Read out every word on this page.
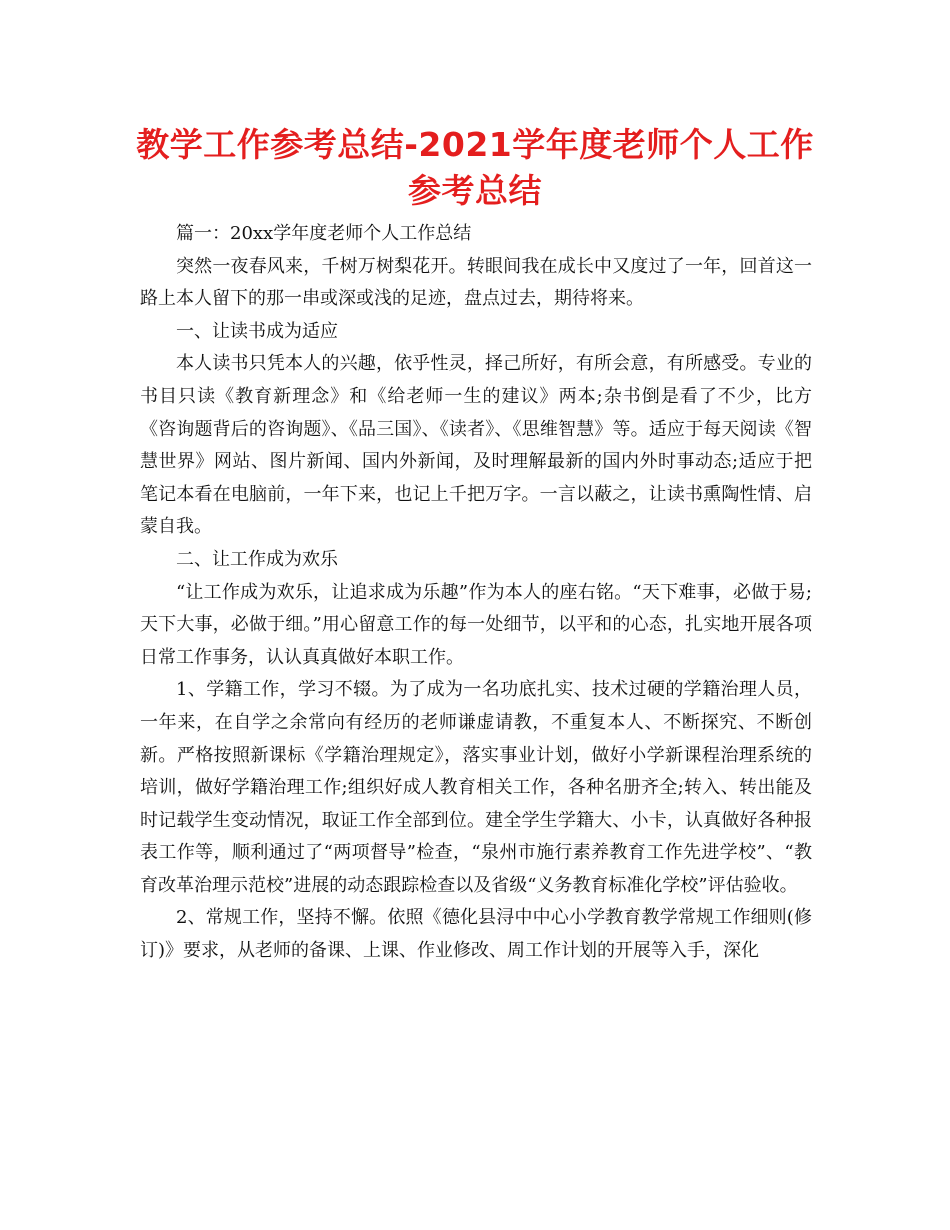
教学工作参考总结-2021学年度老师个人工作参考总结

篇一：20xx学年度老师个人工作总结

突然一夜春风来，千树万树梨花开。转眼间我在成长中又度过了一年，回首这一路上本人留下的那一串或深或浅的足迹，盘点过去，期待将来。

一、让读书成为适应

本人读书只凭本人的兴趣，依乎性灵，择己所好，有所会意，有所感受。专业的书目只读《教育新理念》和《给老师一生的建议》两本;杂书倒是看了不少，比方《咨询题背后的咨询题》、《品三国》、《读者》、《思维智慧》等。适应于每天阅读《智慧世界》网站、图片新闻、国内外新闻，及时理解最新的国内外时事动态;适应于把笔记本看在电脑前，一年下来，也记上千把万字。一言以蔽之，让读书熏陶性情、启蒙自我。

二、让工作成为欢乐

“让工作成为欢乐，让追求成为乐趣”作为本人的座右铭。“天下难事，必做于易;天下大事，必做于细。”用心留意工作的每一处细节，以平和的心态，扎实地开展各项日常工作事务，认认真真做好本职工作。

1、学籍工作，学习不辍。为了成为一名功底扎实、技术过硬的学籍治理人员，一年来，在自学之余常向有经历的老师谦虚请教，不重复本人、不断探究、不断创新。严格按照新课标《学籍治理规定》，落实事业计划，做好小学新课程治理系统的培训，做好学籍治理工作;组织好成人教育相关工作，各种名册齐全;转入、转出能及时记载学生变动情况，取证工作全部到位。建全学生学籍大、小卡，认真做好各种报表工作等，顺利通过了“两项督导”检查，“泉州市施行素养教育工作先进学校”、“教育改革治理示范校”进展的动态跟踪检查以及省级“义务教育标准化学校”评估验收。

2、常规工作，坚持不懈。依照《德化县浔中中心小学教育教学常规工作细则(修订)》要求，从老师的备课、上课、作业修改、周工作计划的开展等入手，深化
